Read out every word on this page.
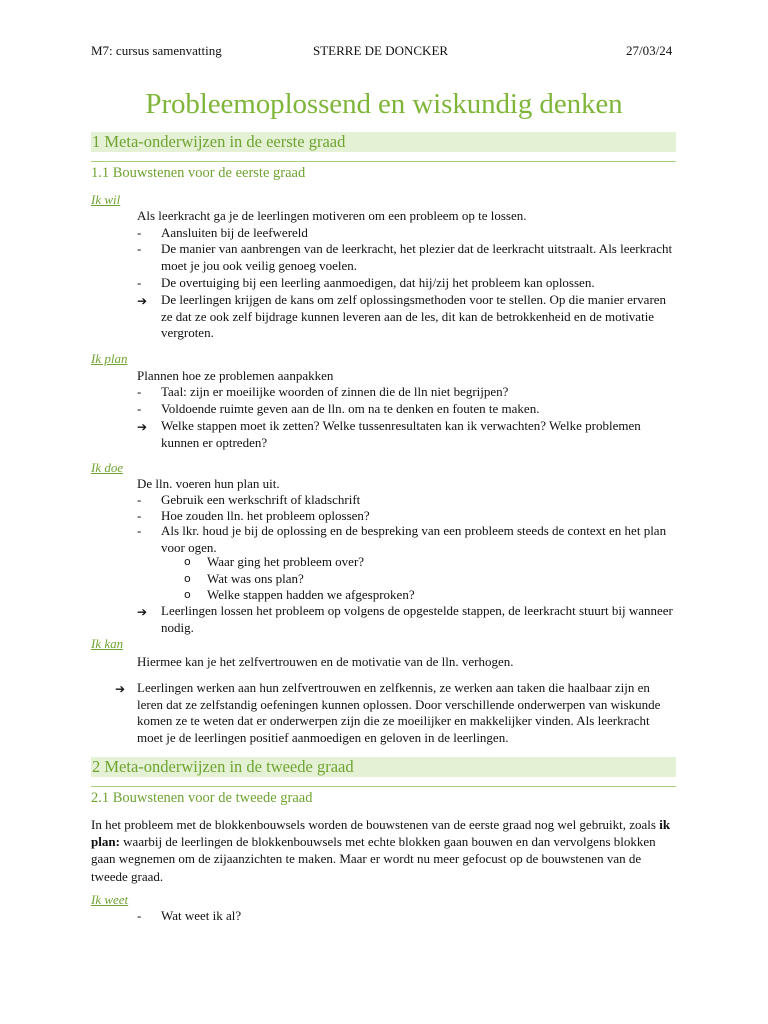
M7: cursus samenvatting	STERRE DE DONCKER	27/03/24
Probleemoplossend en wiskundig denken
1 Meta-onderwijzen in de eerste graad
1.1 Bouwstenen voor de eerste graad
Ik wil
Als leerkracht ga je de leerlingen motiveren om een probleem op te lossen.
- Aansluiten bij de leefwereld
- De manier van aanbrengen van de leerkracht, het plezier dat de leerkracht uitstraalt. Als leerkracht moet je jou ook veilig genoeg voelen.
- De overtuiging bij een leerling aanmoedigen, dat hij/zij het probleem kan oplossen.
➔ De leerlingen krijgen de kans om zelf oplossingsmethoden voor te stellen. Op die manier ervaren ze dat ze ook zelf bijdrage kunnen leveren aan de les, dit kan de betrokkenheid en de motivatie vergroten.
Ik plan
Plannen hoe ze problemen aanpakken
- Taal: zijn er moeilijke woorden of zinnen die de lln niet begrijpen?
- Voldoende ruimte geven aan de lln. om na te denken en fouten te maken.
➔ Welke stappen moet ik zetten? Welke tussenresultaten kan ik verwachten? Welke problemen kunnen er optreden?
Ik doe
De lln. voeren hun plan uit.
- Gebruik een werkschrift of kladschrift
- Hoe zouden lln. het probleem oplossen?
- Als lkr. houd je bij de oplossing en de bespreking van een probleem steeds de context en het plan voor ogen.
o Waar ging het probleem over?
o Wat was ons plan?
o Welke stappen hadden we afgesproken?
➔ Leerlingen lossen het probleem op volgens de opgestelde stappen, de leerkracht stuurt bij wanneer nodig.
Ik kan
Hiermee kan je het zelfvertrouwen en de motivatie van de lln. verhogen.
➔ Leerlingen werken aan hun zelfvertrouwen en zelfkennis, ze werken aan taken die haalbaar zijn en leren dat ze zelfstandig oefeningen kunnen oplossen. Door verschillende onderwerpen van wiskunde komen ze te weten dat er onderwerpen zijn die ze moeilijker en makkelijker vinden. Als leerkracht moet je de leerlingen positief aanmoedigen en geloven in de leerlingen.
2 Meta-onderwijzen in de tweede graad
2.1 Bouwstenen voor de tweede graad
In het probleem met de blokkenbouwsels worden de bouwstenen van de eerste graad nog wel gebruikt, zoals ik plan: waarbij de leerlingen de blokkenbouwsels met echte blokken gaan bouwen en dan vervolgens blokken gaan wegnemen om de zijaanzichten te maken. Maar er wordt nu meer gefocust op de bouwstenen van de tweede graad.
Ik weet
- Wat weet ik al?
